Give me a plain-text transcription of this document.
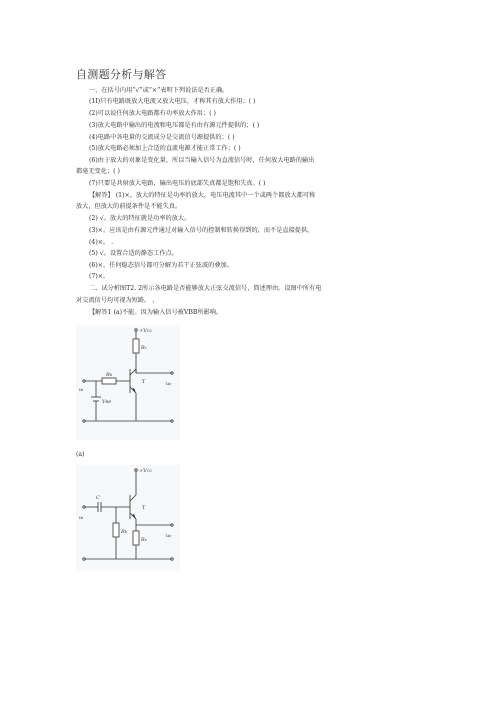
自测题分析与解答
一、在括号内用“√”或“×”表明下列说法是否正确。
(1I)只有电路既放大电流又放大电压，才称其有放大作用；( )
(2)可以说任何放大电路都有功率放大作用；( )
(3)放大电路中输出的电流和电压都是有由有源元件提供的；( )
(4)电路中各电量的交流成分是交流信号源提供的；( )
(5)放大电路必须加上合适的直流电源才能正常工作；( )
(6)由于放大的对象是变化量，所以当输入信号为直流信号时，任何放大电路的输出
都毫无变化；( )
(7)只要是共射放大电路，输出电压的底部失真都是饱和失真。( )
【解答】 (1)×。放大的特征是功率的放大，电压电流其中一个或两个都放大都可称
放大，但放大的前提条件是不能失真。
(2) √。放大的特征就是功率的放大。
(3)×。应该是由有源元件通过对输入信号的控制和转换得到的，而不是直接提供。
(4)×。 .
(5) √。设置合适的静态工作点。
(6)×。任何稳态信号都可分解为若干正弦波的叠加。
(7)×。
二、试分析图T2. 2所示各电路是否能够放大正弦交流信号，简述理由。设图中所有电
对交流信号均可视为短路。 ，
【解答1 (a)不能。因为输入信号被VBB所影响。
+VCC
Rc
Rb
T
VBB
ui
uo
(a)
+VCC
C
Rb
Re
T
ui
uo
